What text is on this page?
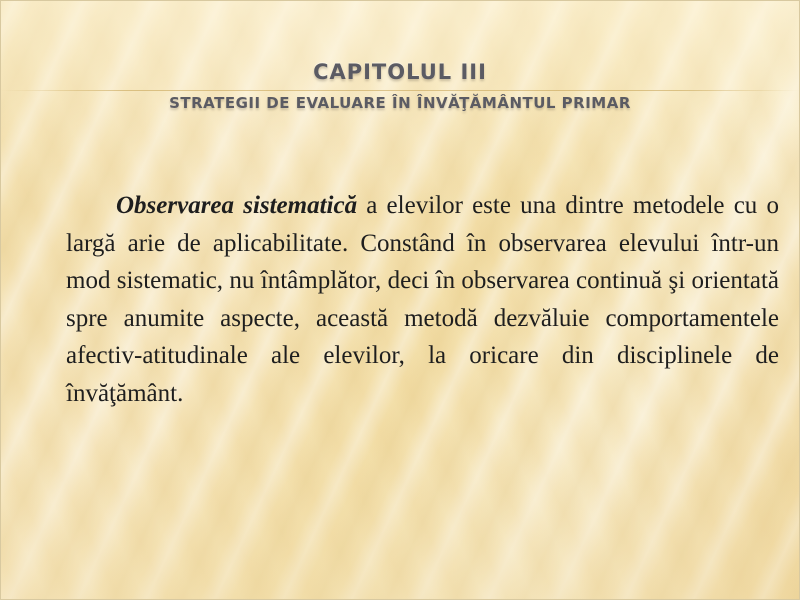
CAPITOLUL III
STRATEGII DE EVALUARE ÎN ÎNVĂŢĂMÂNTUL PRIMAR

Observarea sistematică a elevilor este una dintre metodele cu o largă arie de aplicabilitate. Constând în observarea elevului într-un mod sistematic, nu întâmplător, deci în observarea continuă şi orientată spre anumite aspecte, această metodă dezvăluie comportamentele afectiv-atitudinale ale elevilor, la oricare din disciplinele de învăţământ.
